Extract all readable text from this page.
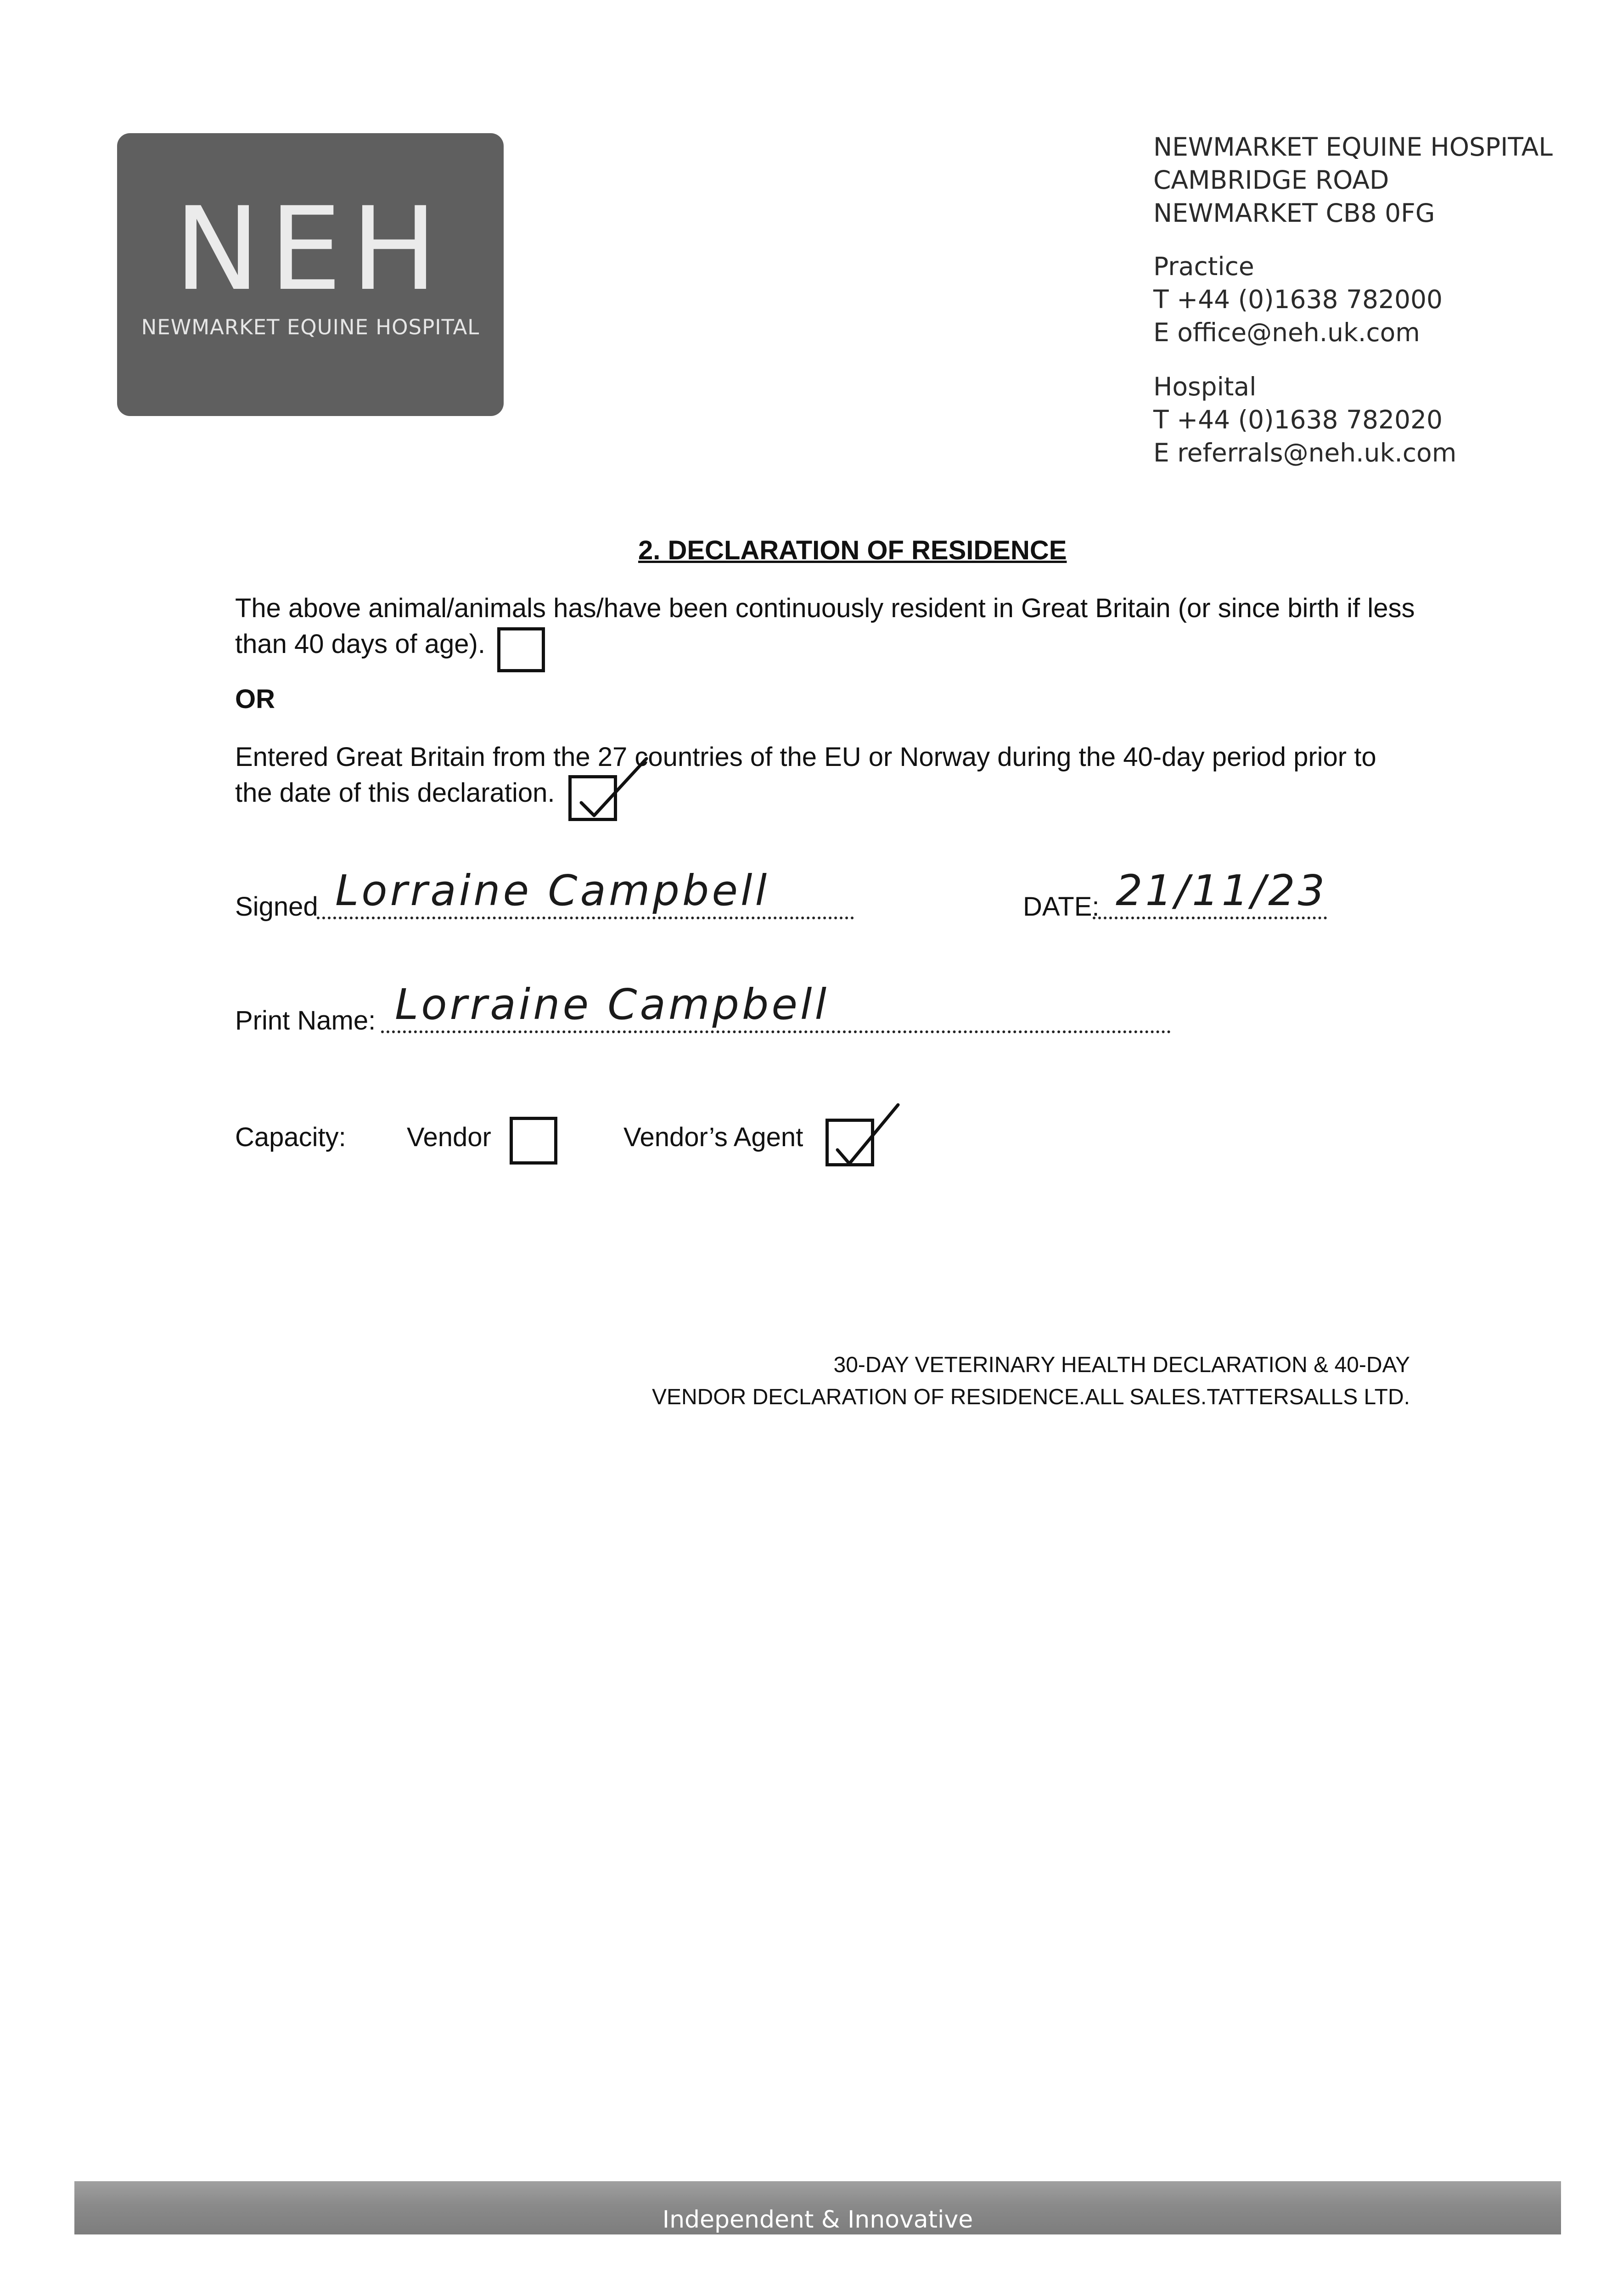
NEH
NEWMARKET EQUINE HOSPITAL
NEWMARKET EQUINE HOSPITAL
CAMBRIDGE ROAD
NEWMARKET CB8 0FG
Practice
T +44 (0)1638 782000
E office@neh.uk.com
Hospital
T +44 (0)1638 782020
E referrals@neh.uk.com
2. DECLARATION OF RESIDENCE
The above animal/animals has/have been continuously resident in Great Britain (or since birth if less
than 40 days of age).
OR
Entered Great Britain from the 27 countries of the EU or Norway during the 40-day period prior to
the date of this declaration.
Signed Lorraine Campbell	DATE: 21/11/23
Print Name: Lorraine Campbell
Capacity: Vendor	Vendor’s Agent
30-DAY VETERINARY HEALTH DECLARATION & 40-DAY
VENDOR DECLARATION OF RESIDENCE.ALL SALES.TATTERSALLS LTD.
Independent & Innovative
